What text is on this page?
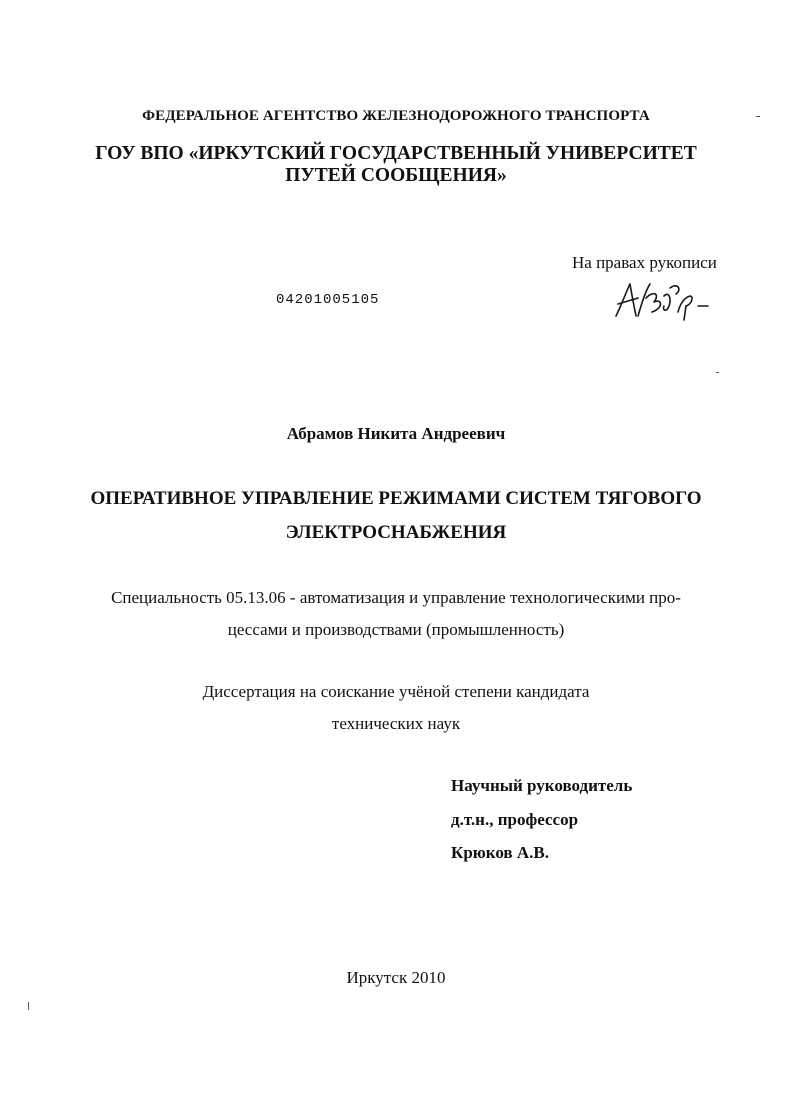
ФЕДЕРАЛЬНОЕ АГЕНТСТВО ЖЕЛЕЗНОДОРОЖНОГО ТРАНСПОРТА
ГОУ ВПО «ИРКУТСКИЙ ГОСУДАРСТВЕННЫЙ УНИВЕРСИТЕТ
ПУТЕЙ СООБЩЕНИЯ»
На правах рукописи
04201005105
Абрамов Никита Андреевич
ОПЕРАТИВНОЕ УПРАВЛЕНИЕ РЕЖИМАМИ СИСТЕМ ТЯГОВОГО
ЭЛЕКТРОСНАБЖЕНИЯ
Специальность 05.13.06 - автоматизация и управление технологическими про-
цессами и производствами (промышленность)
Диссертация на соискание учёной степени кандидата
технических наук
Научный руководитель
д.т.н., профессор
Крюков А.В.
Иркутск 2010
